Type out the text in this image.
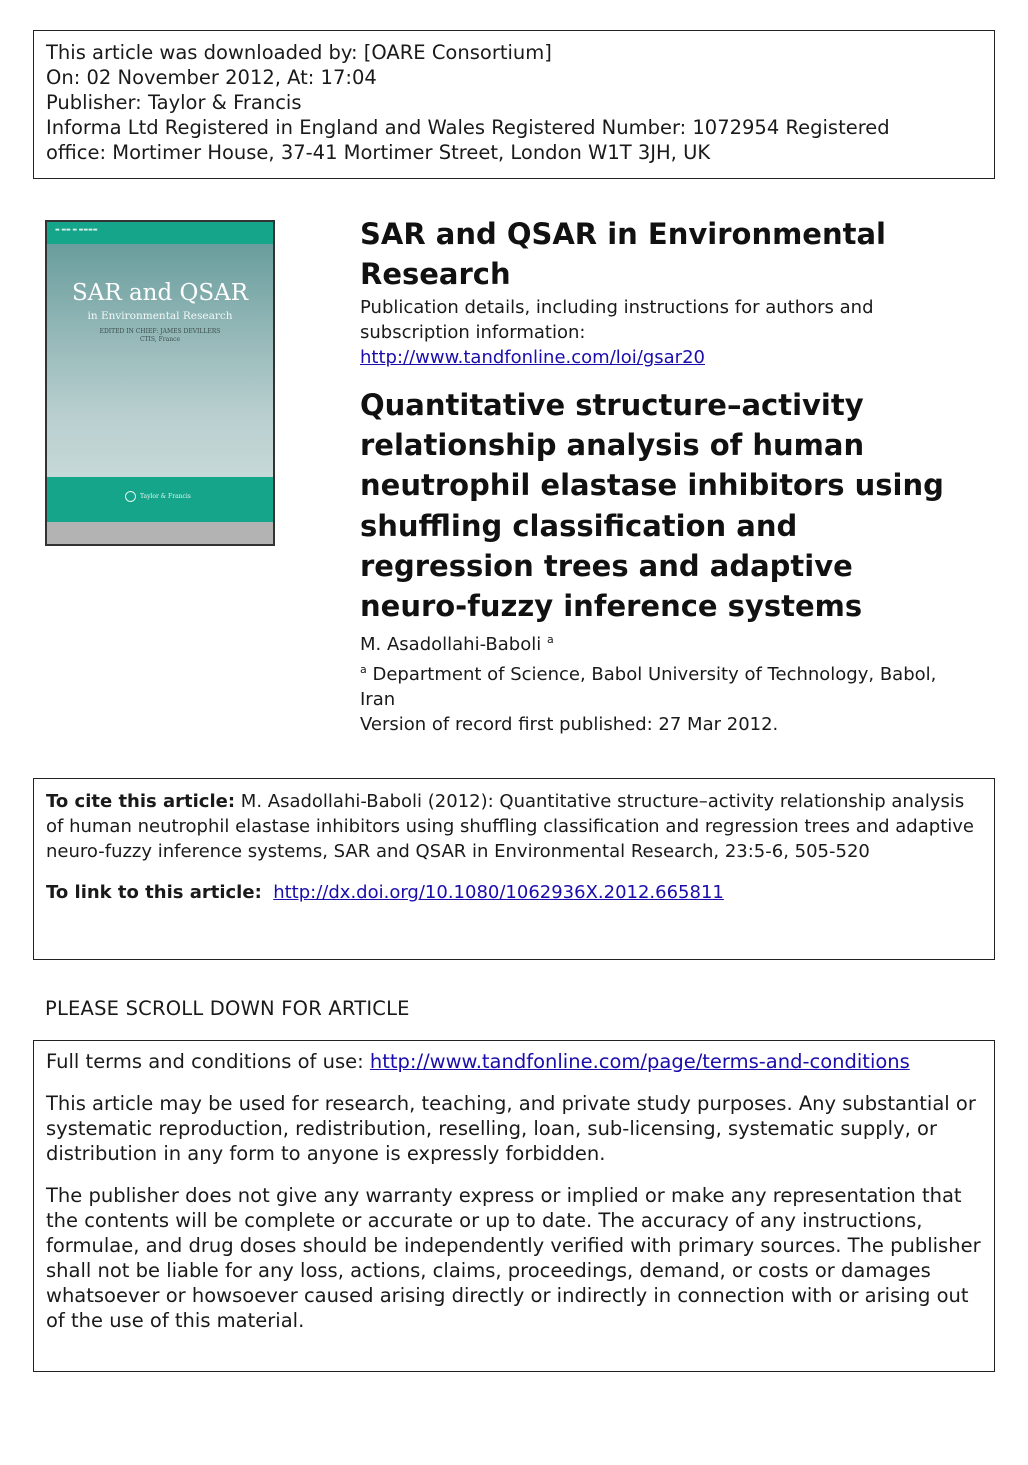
This article was downloaded by: [OARE Consortium]
On: 02 November 2012, At: 17:04
Publisher: Taylor & Francis
Informa Ltd Registered in England and Wales Registered Number: 1072954 Registered
office: Mortimer House, 37-41 Mortimer Street, London W1T 3JH, UK
▬ ▬▬ ▬ ▬▬▬▬
SAR and QSAR
in Environmental Research
EDITED IN CHIEF: JAMES DEVILLERS
CTIS, France
Taylor & Francis
SAR and QSAR in Environmental Research
Publication details, including instructions for authors and
subscription information:
http://www.tandfonline.com/loi/gsar20
Quantitative structure–activity relationship analysis of human neutrophil elastase inhibitors using shuffling classification and regression trees and adaptive neuro-fuzzy inference systems
M. Asadollahi-Baboli $^a$
$^a$ Department of Science, Babol University of Technology, Babol, Iran
Version of record first published: 27 Mar 2012.
To cite this article: M. Asadollahi-Baboli (2012): Quantitative structure–activity relationship analysis of human neutrophil elastase inhibitors using shuffling classification and regression trees and adaptive neuro-fuzzy inference systems, SAR and QSAR in Environmental Research, 23:5-6, 505-520
To link to this article: http://dx.doi.org/10.1080/1062936X.2012.665811
PLEASE SCROLL DOWN FOR ARTICLE

Full terms and conditions of use: http://www.tandfonline.com/page/terms-and-conditions

This article may be used for research, teaching, and private study purposes. Any substantial or systematic reproduction, redistribution, reselling, loan, sub-licensing, systematic supply, or distribution in any form to anyone is expressly forbidden.

The publisher does not give any warranty express or implied or make any representation that the contents will be complete or accurate or up to date. The accuracy of any instructions, formulae, and drug doses should be independently verified with primary sources. The publisher shall not be liable for any loss, actions, claims, proceedings, demand, or costs or damages whatsoever or howsoever caused arising directly or indirectly in connection with or arising out of the use of this material.
